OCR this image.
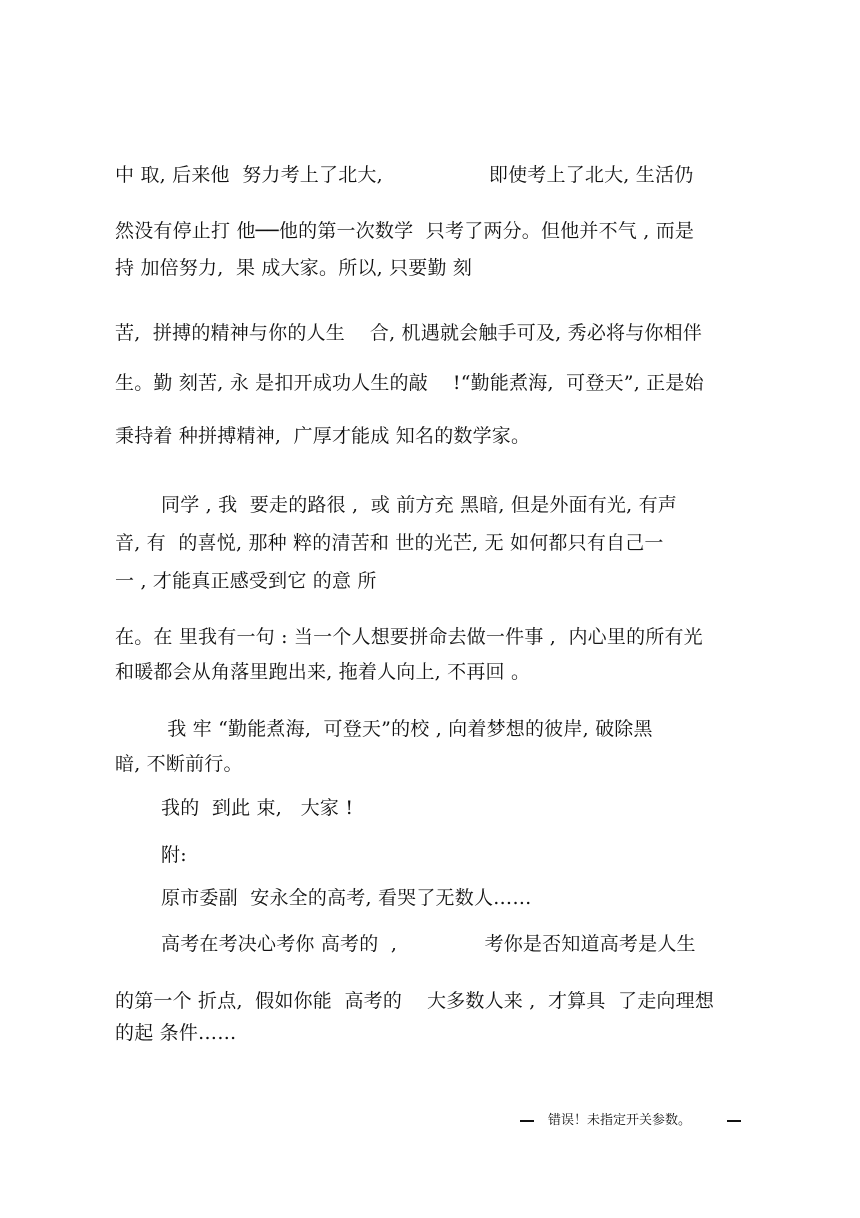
中 取, 后来他  努力考上了北大,                 即使考上了北大, 生活仍
然没有停止打 他──他的第一次数学  只考了两分。但他并不气 , 而是
持 加倍努力,  果 成大家。所以, 只要勤 刻
苦,  拼搏的精神与你的人生    合, 机遇就会触手可及, 秀必将与你相伴
生。勤 刻苦, 永 是扣开成功人生的敲    !“勤能煮海,  可登天”, 正是始
秉持着 种拼搏精神,  广厚才能成 知名的数学家。
同学 , 我  要走的路很 ,  或 前方充 黑暗, 但是外面有光, 有声
音, 有  的喜悦, 那种 粹的清苦和 世的光芒, 无 如何都只有自己一
一 , 才能真正感受到它 的意 所
在。在 里我有一句 : 当一个人想要拼命去做一件事 ,  内心里的所有光
和暖都会从角落里跑出来, 拖着人向上, 不再回 。
我 牢 “勤能煮海,  可登天”的校 , 向着梦想的彼岸, 破除黑
暗, 不断前行。
我的  到此 束,   大家 !
附:
原市委副  安永全的高考, 看哭了无数人……
高考在考决心考你 高考的  ,              考你是否知道高考是人生
的第一个 折点,  假如你能  高考的    大多数人来 ,  才算具  了走向理想
的起 条件……
错误！未指定开关参数。
